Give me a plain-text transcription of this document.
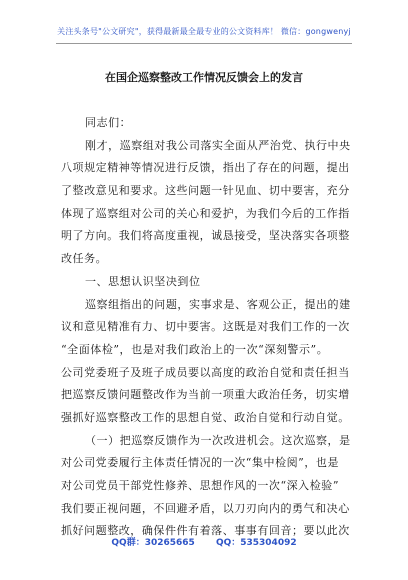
关注头条号"公文研究"，获得最新最全最专业的公文资料库！ 微信：gongwenyj
在国企巡察整改工作情况反馈会上的发言
同志们：
刚才，巡察组对我公司落实全面从严治党、执行中央
八项规定精神等情况进行反馈，指出了存在的问题，提出
了整改意见和要求。这些问题一针见血、切中要害，充分
体现了巡察组对公司的关心和爱护，为我们今后的工作指
明了方向。我们将高度重视，诚恳接受，坚决落实各项整
改任务。
一、思想认识坚决到位
巡察组指出的问题，实事求是、客观公正，提出的建
议和意见精准有力、切中要害。这既是对我们工作的一次
“全面体检”，也是对我们政治上的一次“深刻警示”。
公司党委班子及班子成员要以高度的政治自觉和责任担当
把巡察反馈问题整改作为当前一项重大政治任务，切实增
强抓好巡察整改工作的思想自觉、政治自觉和行动自觉。
（一）把巡察反馈作为一次改进机会。这次巡察，是
对公司党委履行主体责任情况的一次“集中检阅”，也是
对公司党员干部党性修养、思想作风的一次“深入检验”
我们要正视问题，不回避矛盾，以刀刃向内的勇气和决心
抓好问题整改，确保件件有着落、事事有回音；要以此次
QQ群：30265665 QQ：535304092
